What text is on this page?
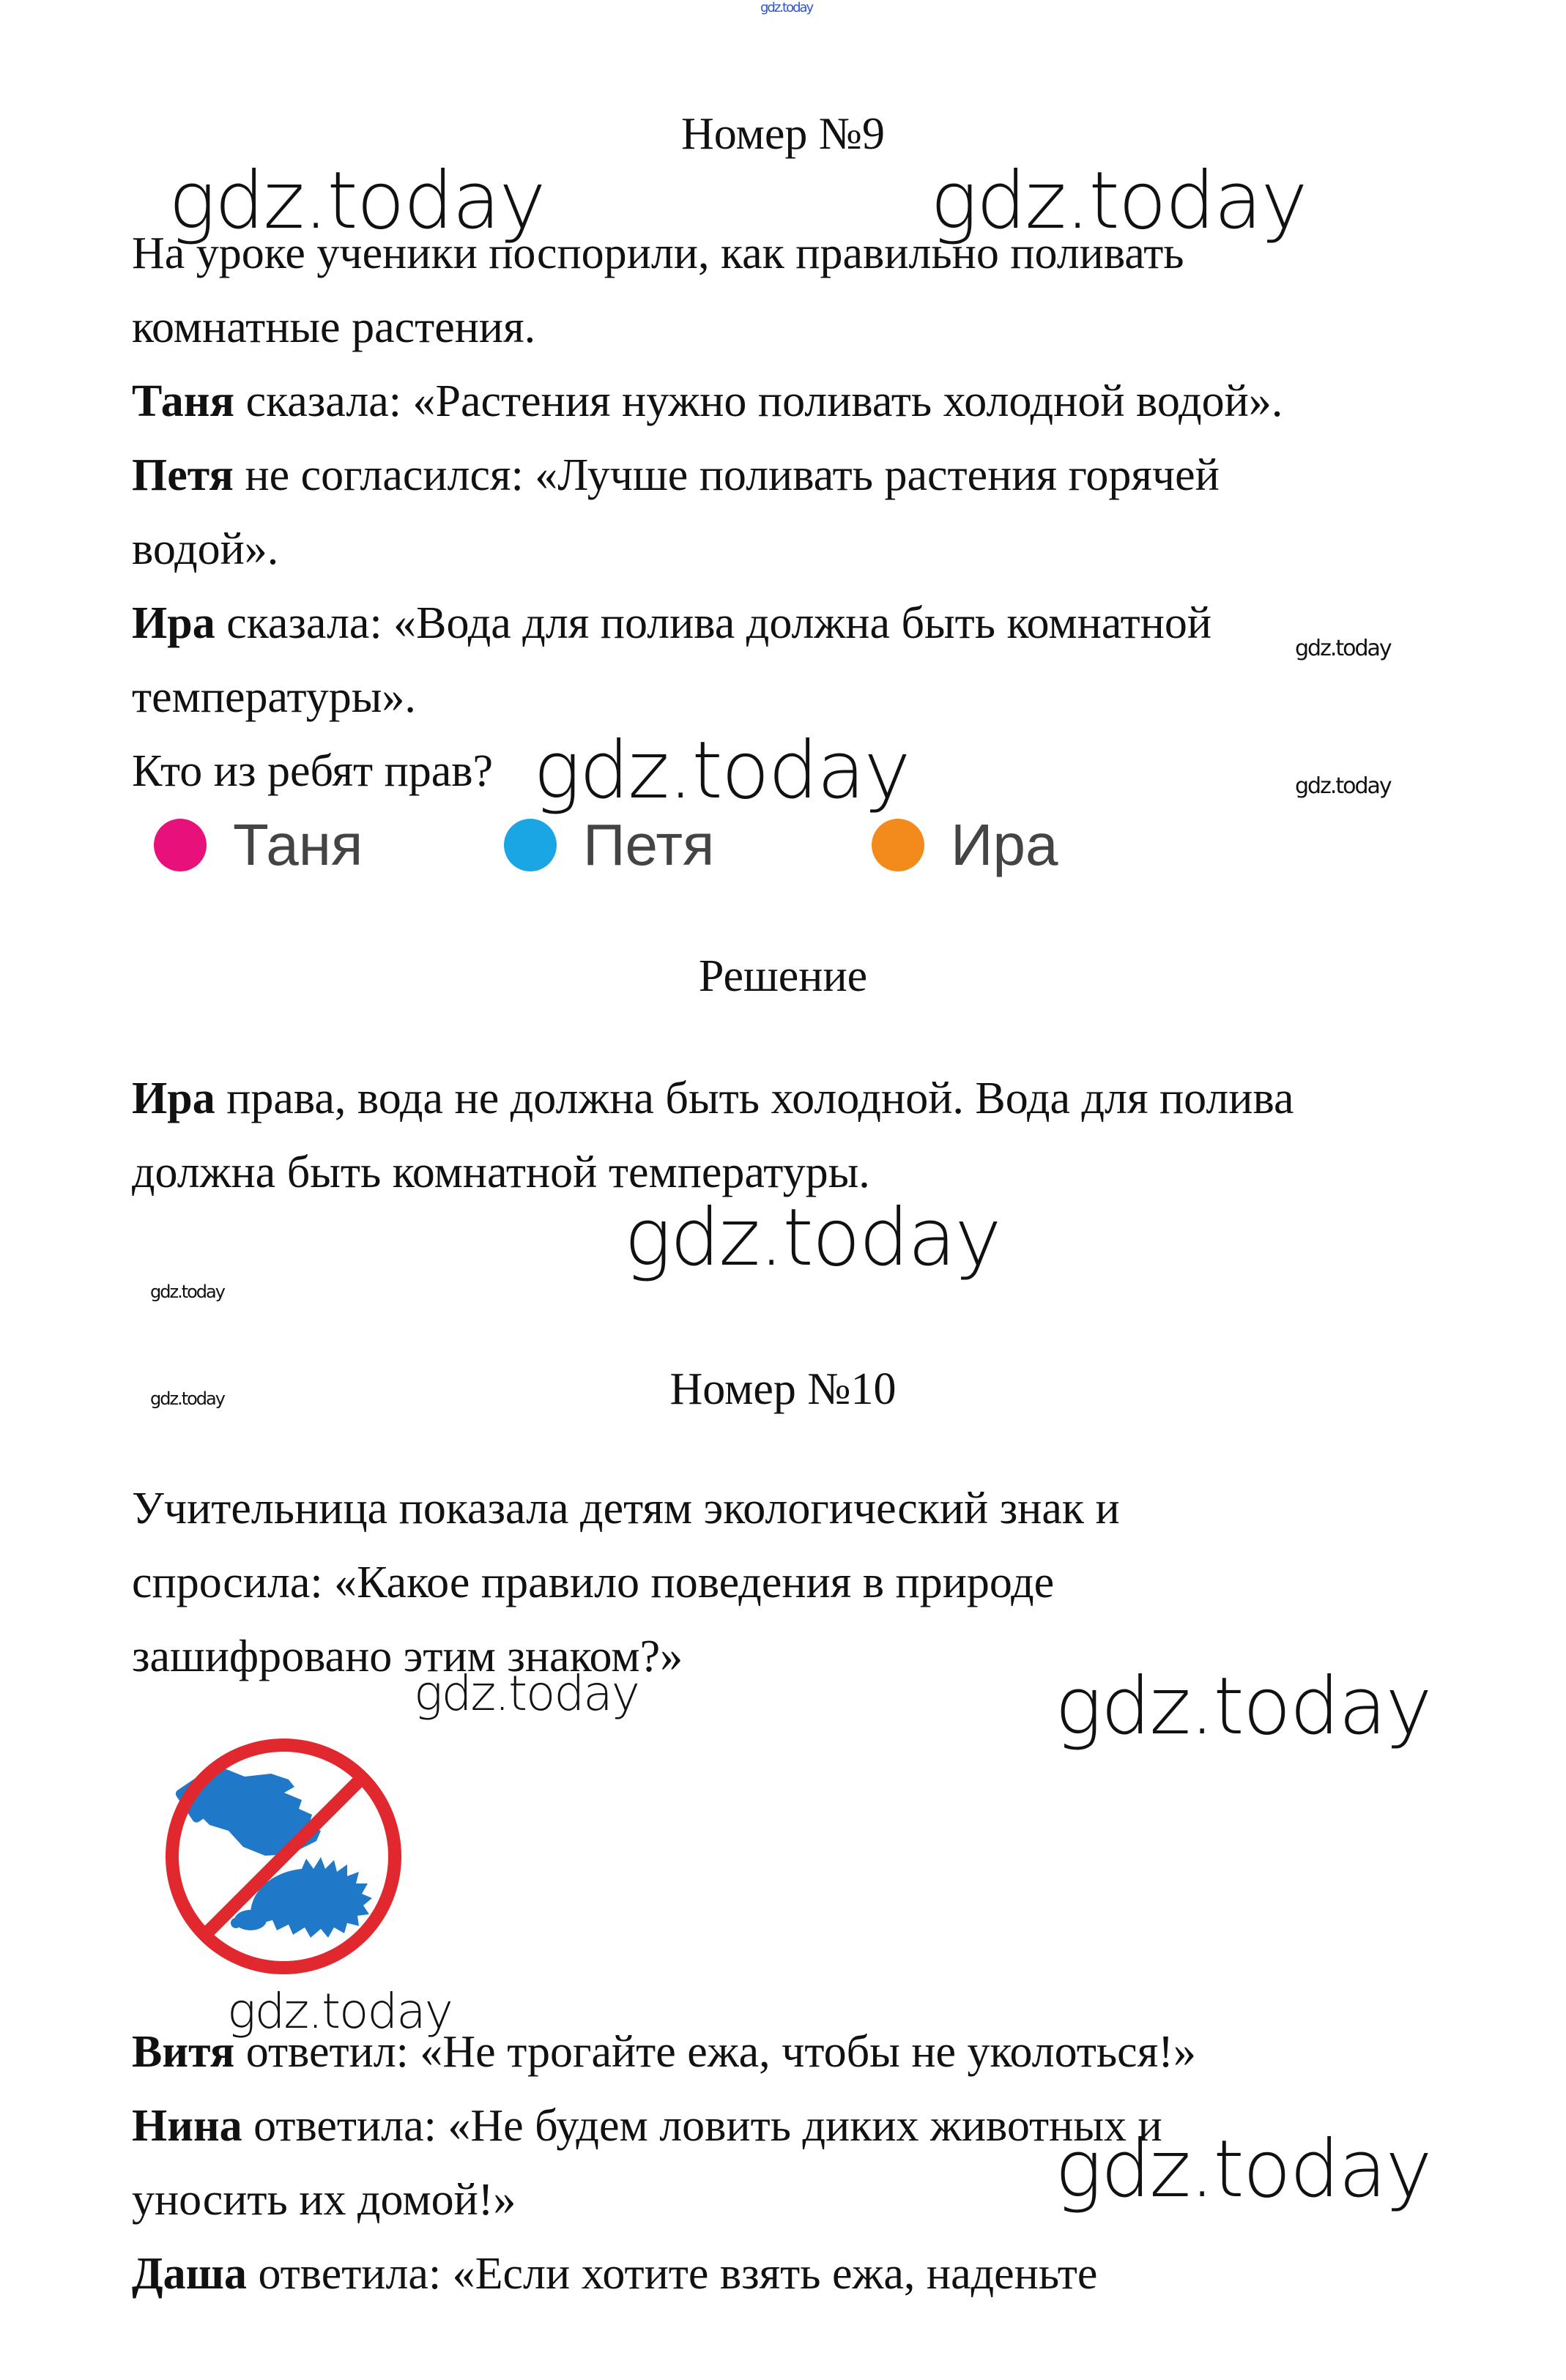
gdz.today
Номер №9
На уроке ученики поспорили, как правильно поливать
комнатные растения.
Таня сказала: «Растения нужно поливать холодной водой».
Петя не согласился: «Лучше поливать растения горячей
водой».
Ира сказала: «Вода для полива должна быть комнатной
температуры».
Кто из ребят прав?
Таня	Петя	Ира
Решение
Ира права, вода не должна быть холодной. Вода для полива
должна быть комнатной температуры.
Номер №10
Учительница показала детям экологический знак и
спросила: «Какое правило поведения в природе
зашифровано этим знаком?»
Витя ответил: «Не трогайте ежа, чтобы не уколоться!»
Нина ответила: «Не будем ловить диких животных и
уносить их домой!»
Даша ответила: «Если хотите взять ежа, наденьте
gdz.today	gdz.today
gdz.today
gdz.today	gdz.today
gdz.today
gdz.today
gdz.today
gdz.today	gdz.today
gdz.today
gdz.today
